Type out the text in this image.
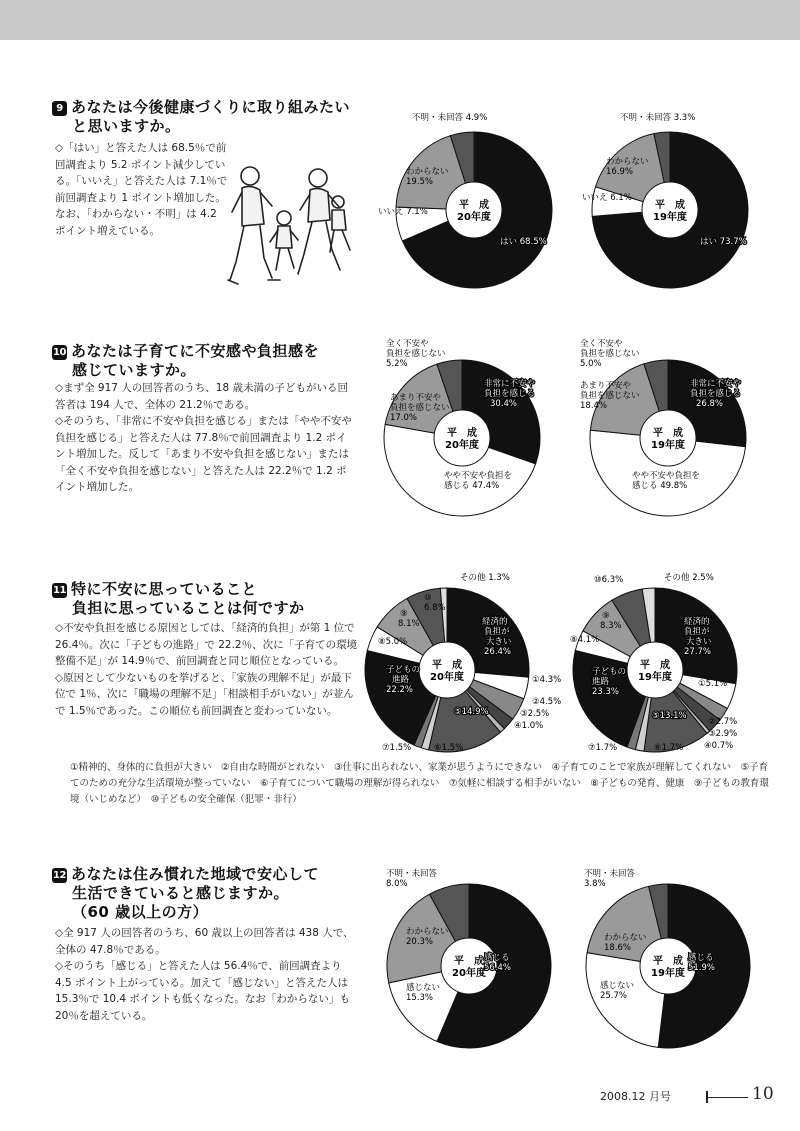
9 あなたは今後健康づくりに取り組みたい
と思いますか。

◇「はい」と答えた人は 68.5％で前回調査より 5.2 ポイント減少している。「いいえ」と答えた人は 7.1％で前回調査より 1 ポイント増加した。なお、「わからない・不明」は 4.2 ポイント増えている。

10 あなたは子育てに不安感や負担感を
感じていますか。

◇まず全 917 人の回答者のうち、18 歳未満の子どもがいる回答者は 194 人で、全体の 21.2％である。

◇そのうち、「非常に不安や負担を感じる」または「やや不安や負担を感じる」と答えた人は 77.8％で前回調査より 1.2 ポイント増加した。反して「あまり不安や負担を感じない」または「全く不安や負担を感じない」と答えた人は 22.2％で 1.2 ポイント増加した。

11 特に不安に思っていること
負担に思っていることは何ですか

◇不安や負担を感じる原因としては、「経済的負担」が第 1 位で 26.4％。次に「子どもの進路」で 22.2％、次に「子育ての環境整備不足」が 14.9％で、前回調査と同じ順位となっている。

◇原因として少ないものを挙げると、「家族の理解不足」が最下位で 1％、次に「職場の理解不足」「相談相手がいない」が並んで 1.5％であった。この順位も前回調査と変わっていない。

①精神的、身体的に負担が大きい　②自由な時間がとれない　③仕事に出られない、家業が思うようにできない　④子育てのことで家族が理解してくれない　⑤子育てのための充分な生活環境が整っていない　⑥子育てについて職場の理解が得られない　⑦気軽に相談する相手がいない　⑧子どもの発育、健康　⑨子どもの教育環境（いじめなど）　⑩子どもの安全確保（犯罪・非行）
12 あなたは住み慣れた地域で安心して
生活できていると感じますか。
（60 歳以上の方）

◇全 917 人の回答者のうち、60 歳以上の回答者は 438 人で、全体の 47.8％である。

◇そのうち「感じる」と答えた人は 56.4％で、前回調査より 4.5 ポイント上がっている。加えて「感じない」と答えた人は 15.3％で 10.4 ポイントも低くなった。なお「わからない」も 20％を超えている。

平　成
20年度
はい 68.5%
いいえ 7.1%
わからない
19.5%
不明・未回答 4.9%
平　成
19年度
はい 73.7%
いいえ 6.1%
わからない
16.9%
不明・未回答 3.3%
平　成
20年度
非常に不安や
負担を感じる
30.4%
やや不安や負担を
感じる 47.4%
あまり不安や
負担を感じない
17.0%
全く不安や
負担を感じない
5.2%
平　成
19年度
非常に不安や
負担を感じる
26.8%
やや不安や負担を
感じる 49.8%
あまり不安や
負担を感じない
18.4%
全く不安や
負担を感じない
5.0%
平　成
20年度
経済的
負担が
大きい
26.4%
①4.3%
②4.5%
③2.5%
④1.0%
⑤14.9%
⑥1.5%
⑦1.5%
子どもの
進路
22.2%
⑧5.0%
⑨
8.1%
⑩
6.8%
その他 1.3%
平　成
19年度
経済的
負担が
大きい
27.7%
①5.1%
②2.7%
③2.9%
④0.7%
⑤13.1%
⑥1.7%
⑦1.7%
子どもの
進路
23.3%
⑧4.1%
⑨
8.3%
⑩6.3%	その他 2.5%
平　成
20年度
感じる
56.4%
感じない
15.3%
わからない
20.3%
不明・未回答
8.0%
平　成
19年度
感じる
51.9%
感じない
25.7%
わからない
18.6%
不明・未回答
3.8%
2008.12 月号	10
